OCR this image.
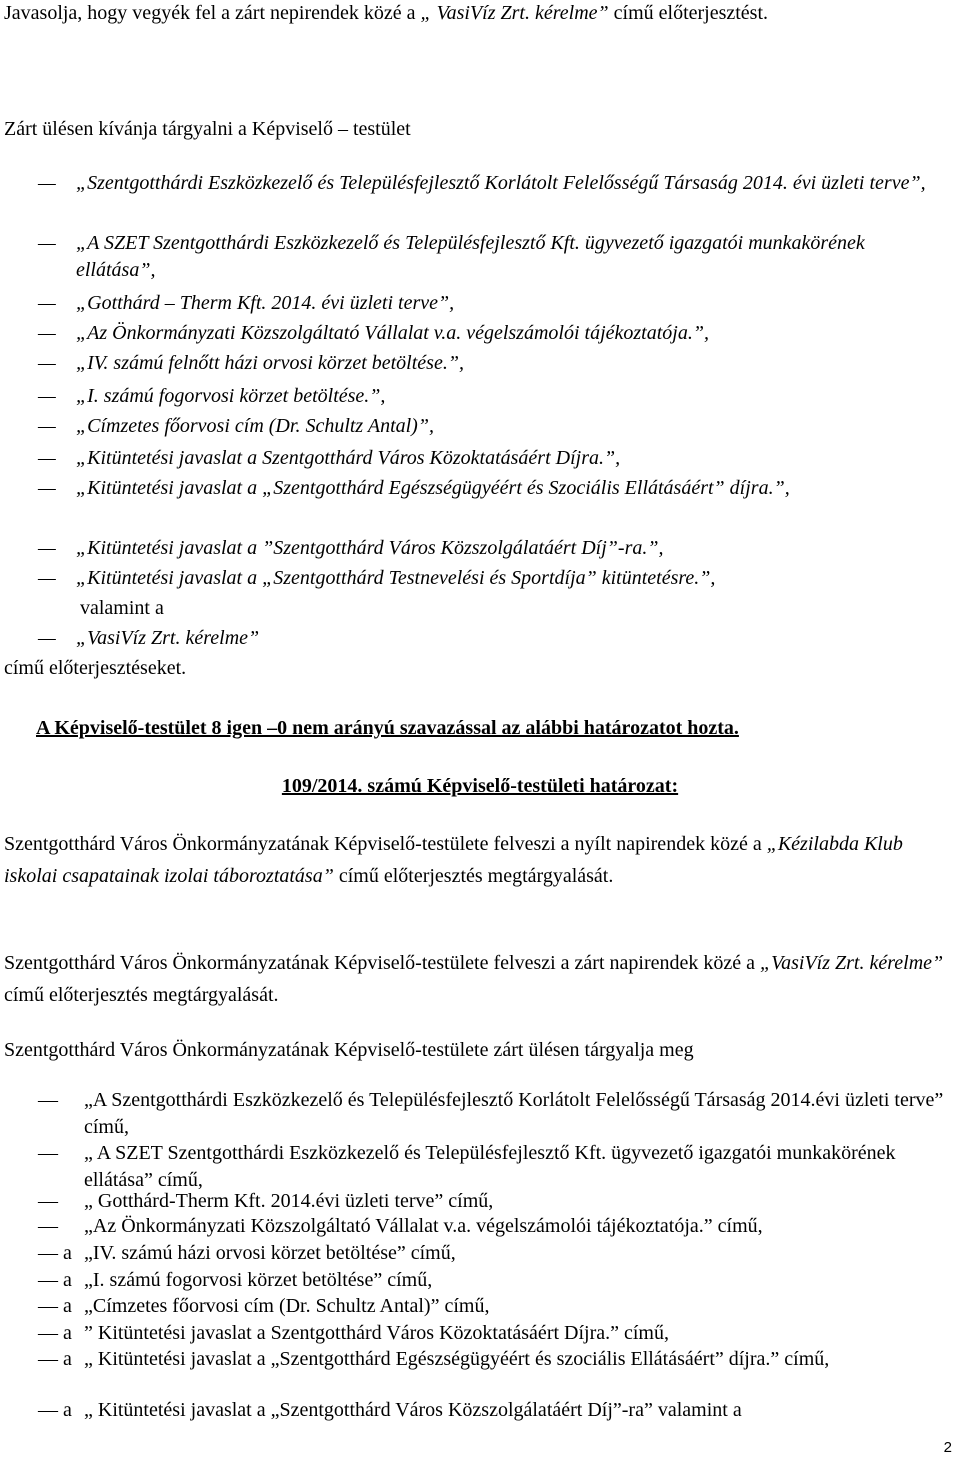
Javasolja, hogy vegyék fel a zárt nepirendek közé a „ VasiVíz Zrt. kérelme” című előterjesztést.

Zárt ülésen kívánja tárgyalni a Képviselő – testület

— „Szentgotthárdi Eszközkezelő és Településfejlesztő Korlátolt Felelősségű Társaság 2014. évi üzleti terve”,

— „A SZET Szentgotthárdi Eszközkezelő és Településfejlesztő Kft. ügyvezető igazgatói munkakörének ellátása”,

— „Gotthárd – Therm Kft. 2014. évi üzleti terve”,

— „Az Önkormányzati Közszolgáltató Vállalat v.a. végelszámolói tájékoztatója.”,

— „IV. számú felnőtt házi orvosi körzet betöltése.”,

— „I. számú fogorvosi körzet betöltése.”,

— „Címzetes főorvosi cím (Dr. Schultz Antal)”,

— „Kitüntetési javaslat a Szentgotthárd Város Közoktatásáért Díjra.”,

— „Kitüntetési javaslat a „Szentgotthárd Egészségügyéért és Szociális Ellátásáért” díjra.”,

— „Kitüntetési javaslat a ”Szentgotthárd Város Közszolgálatáért Díj”-ra.”,

— „Kitüntetési javaslat a „Szentgotthárd Testnevelési és Sportdíja” kitüntetésre.”,

valamint a

— „VasiVíz Zrt. kérelme”

című előterjesztéseket.

A Képviselő-testület 8 igen –0 nem arányú szavazással az alábbi határozatot hozta.

109/2014. számú Képviselő-testületi határozat:

Szentgotthárd Város Önkormányzatának Képviselő-testülete felveszi a nyílt napirendek közé a „Kézilabda Klub iskolai csapatainak izolai táboroztatása” című előterjesztés megtárgyalását.

Szentgotthárd Város Önkormányzatának Képviselő-testülete felveszi a zárt napirendek közé a „VasiVíz Zrt. kérelme” című előterjesztés megtárgyalását.

Szentgotthárd Város Önkormányzatának Képviselő-testülete zárt ülésen tárgyalja meg

— „A Szentgotthárdi Eszközkezelő és Településfejlesztő Korlátolt Felelősségű Társaság 2014.évi üzleti terve” című,

— „ A SZET Szentgotthárdi Eszközkezelő és Településfejlesztő Kft. ügyvezető igazgatói munkakörének ellátása” című,

— „ Gotthárd-Therm Kft. 2014.évi üzleti terve” című,

— „Az Önkormányzati Közszolgáltató Vállalat v.a. végelszámolói tájékoztatója.” című,

— a „IV. számú házi orvosi körzet betöltése” című,

— a „I. számú fogorvosi körzet betöltése” című,

— a „Címzetes főorvosi cím (Dr. Schultz Antal)” című,

— a ” Kitüntetési javaslat a Szentgotthárd Város Közoktatásáért Díjra.” című,

— a „ Kitüntetési javaslat a „Szentgotthárd Egészségügyéért és szociális Ellátásáért” díjra.” című,

— a „ Kitüntetési javaslat a „Szentgotthárd Város Közszolgálatáért Díj”-ra” valamint a

2
